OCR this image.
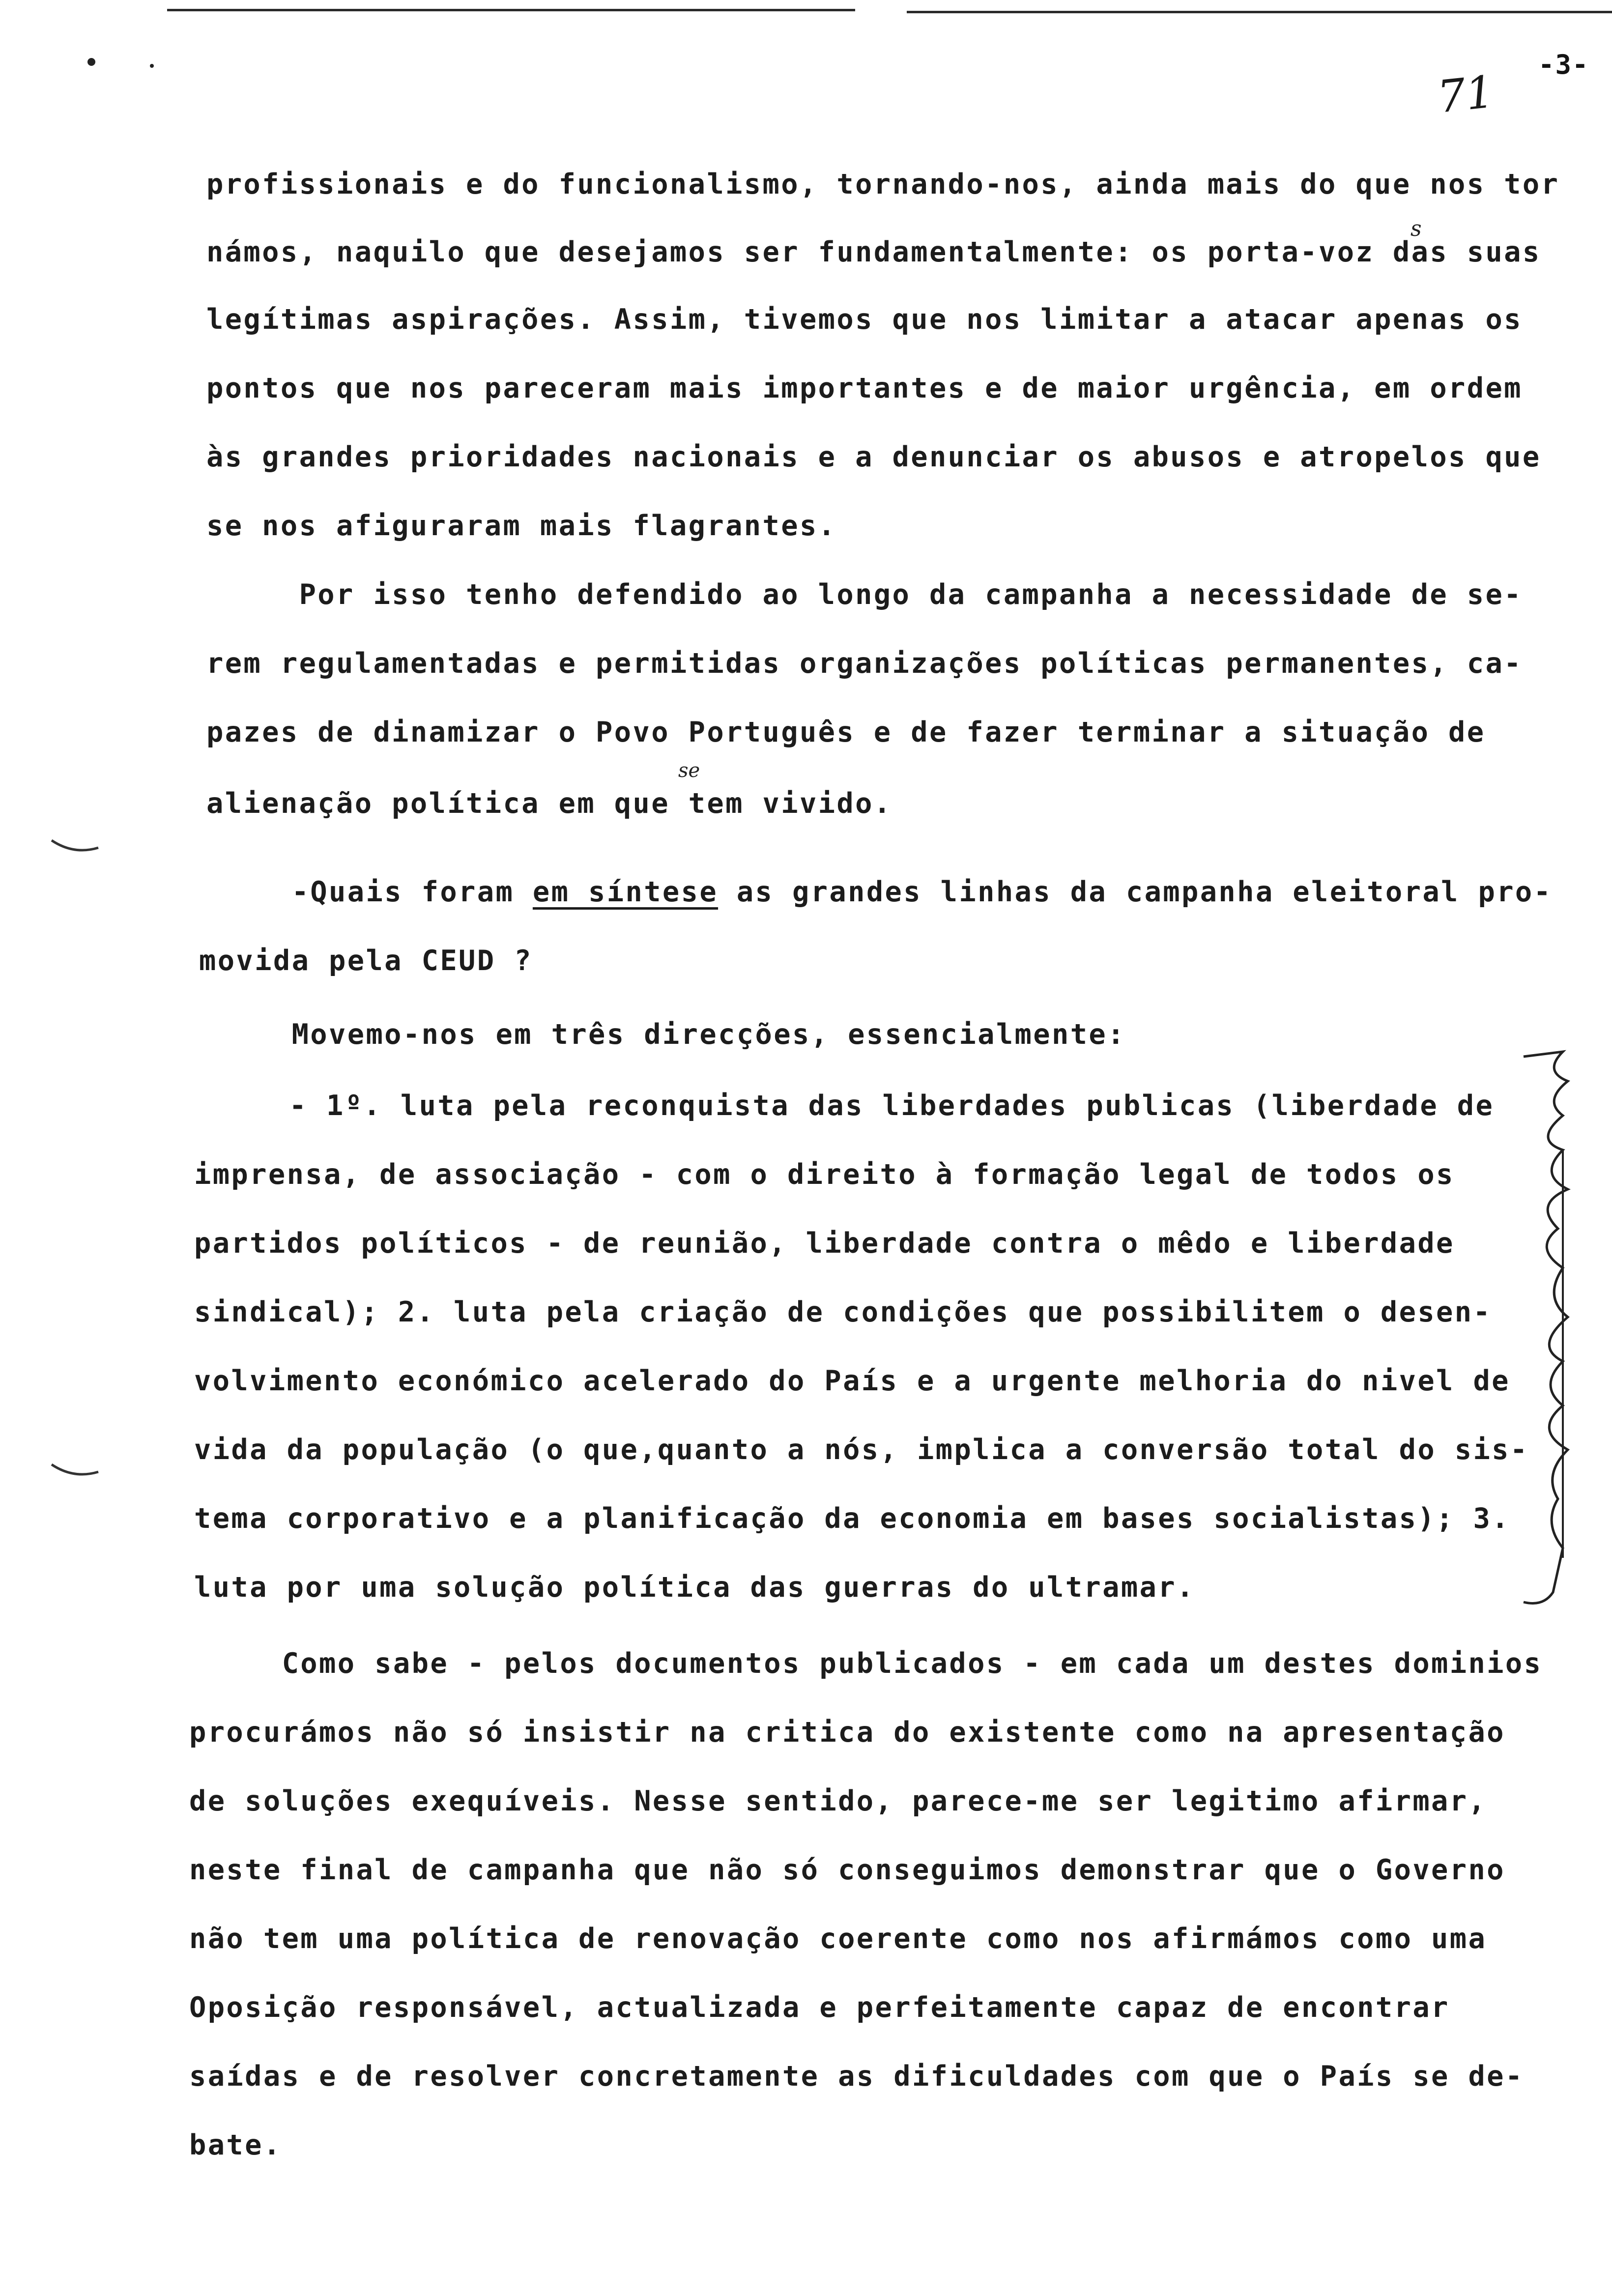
-3-
71
profissionais e do funcionalismo, tornando-nos, ainda mais do que nos tor
námos, naquilo que desejamos ser fundamentalmente: os porta-voz das suas
legítimas aspirações. Assim, tivemos que nos limitar a atacar apenas os
pontos que nos pareceram mais importantes e de maior urgência, em ordem
às grandes prioridades nacionais e a denunciar os abusos e atropelos que
se nos afiguraram mais flagrantes.
Por isso tenho defendido ao longo da campanha a necessidade de se-
rem regulamentadas e permitidas organizações políticas permanentes, ca-
pazes de dinamizar o Povo Português e de fazer terminar a situação de
alienação política em que tem vivido.
-Quais foram em síntese as grandes linhas da campanha eleitoral pro-
movida pela CEUD ?
Movemo-nos em três direcções, essencialmente:
- 1º. luta pela reconquista das liberdades publicas (liberdade de
imprensa, de associação - com o direito à formação legal de todos os
partidos políticos - de reunião, liberdade contra o mêdo e liberdade
sindical); 2. luta pela criação de condições que possibilitem o desen-
volvimento económico acelerado do País e a urgente melhoria do nivel de
vida da população (o que,quanto a nós, implica a conversão total do sis-
tema corporativo e a planificação da economia em bases socialistas); 3.
luta por uma solução política das guerras do ultramar.
Como sabe - pelos documentos publicados - em cada um destes dominios
procurámos não só insistir na critica do existente como na apresentação
de soluções exequíveis. Nesse sentido, parece-me ser legitimo afirmar,
neste final de campanha que não só conseguimos demonstrar que o Governo
não tem uma política de renovação coerente como nos afirmámos como uma
Oposição responsável, actualizada e perfeitamente capaz de encontrar
saídas e de resolver concretamente as dificuldades com que o País se de-
bate.
s
se
